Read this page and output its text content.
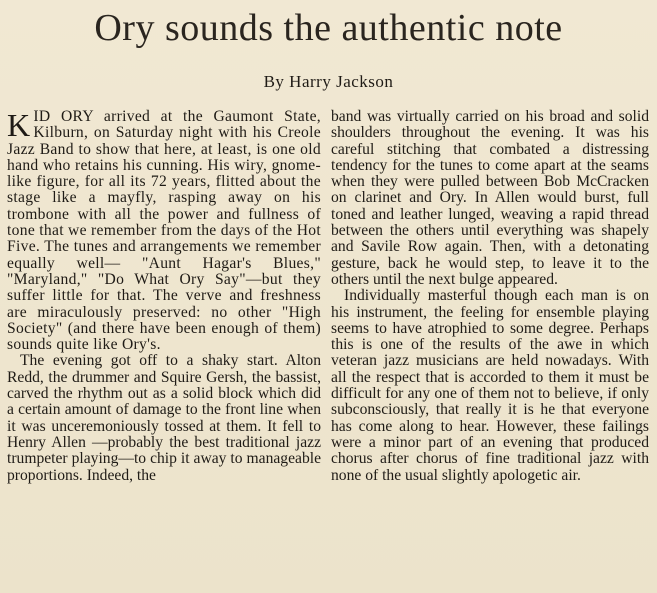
Ory sounds the authentic note
By Harry Jackson

KID ORY arrived at the Gaumont State, Kilburn, on Saturday night with his Creole Jazz Band to show that here, at least, is one old hand who retains his cunning. His wiry, gnome-like figure, for all its 72 years, flitted about the stage like a mayfly, rasping away on his trombone with all the power and fullness of tone that we remember from the days of the Hot Five. The tunes and arrangements we remember equally well— "Aunt Hagar's Blues," "Maryland," "Do What Ory Say"—but they suffer little for that. The verve and freshness are miraculously preserved: no other "High Society" (and there have been enough of them) sounds quite like Ory's.

The evening got off to a shaky start. Alton Redd, the drummer and Squire Gersh, the bassist, carved the rhythm out as a solid block which did a certain amount of damage to the front line when it was unceremoniously tossed at them. It fell to Henry Allen —probably the best traditional jazz trumpeter playing—to chip it away to manageable proportions. Indeed, the

band was virtually carried on his broad and solid shoulders throughout the evening. It was his careful stitching that combated a distressing tendency for the tunes to come apart at the seams when they were pulled between Bob McCracken on clarinet and Ory. In Allen would burst, full toned and leather lunged, weaving a rapid thread between the others until everything was shapely and Savile Row again. Then, with a detonating gesture, back he would step, to leave it to the others until the next bulge appeared.

Individually masterful though each man is on his instrument, the feeling for ensemble playing seems to have atrophied to some degree. Perhaps this is one of the results of the awe in which veteran jazz musicians are held nowadays. With all the respect that is accorded to them it must be difficult for any one of them not to believe, if only subconsciously, that really it is he that everyone has come along to hear. However, these failings were a minor part of an evening that produced chorus after chorus of fine traditional jazz with none of the usual slightly apologetic air.
